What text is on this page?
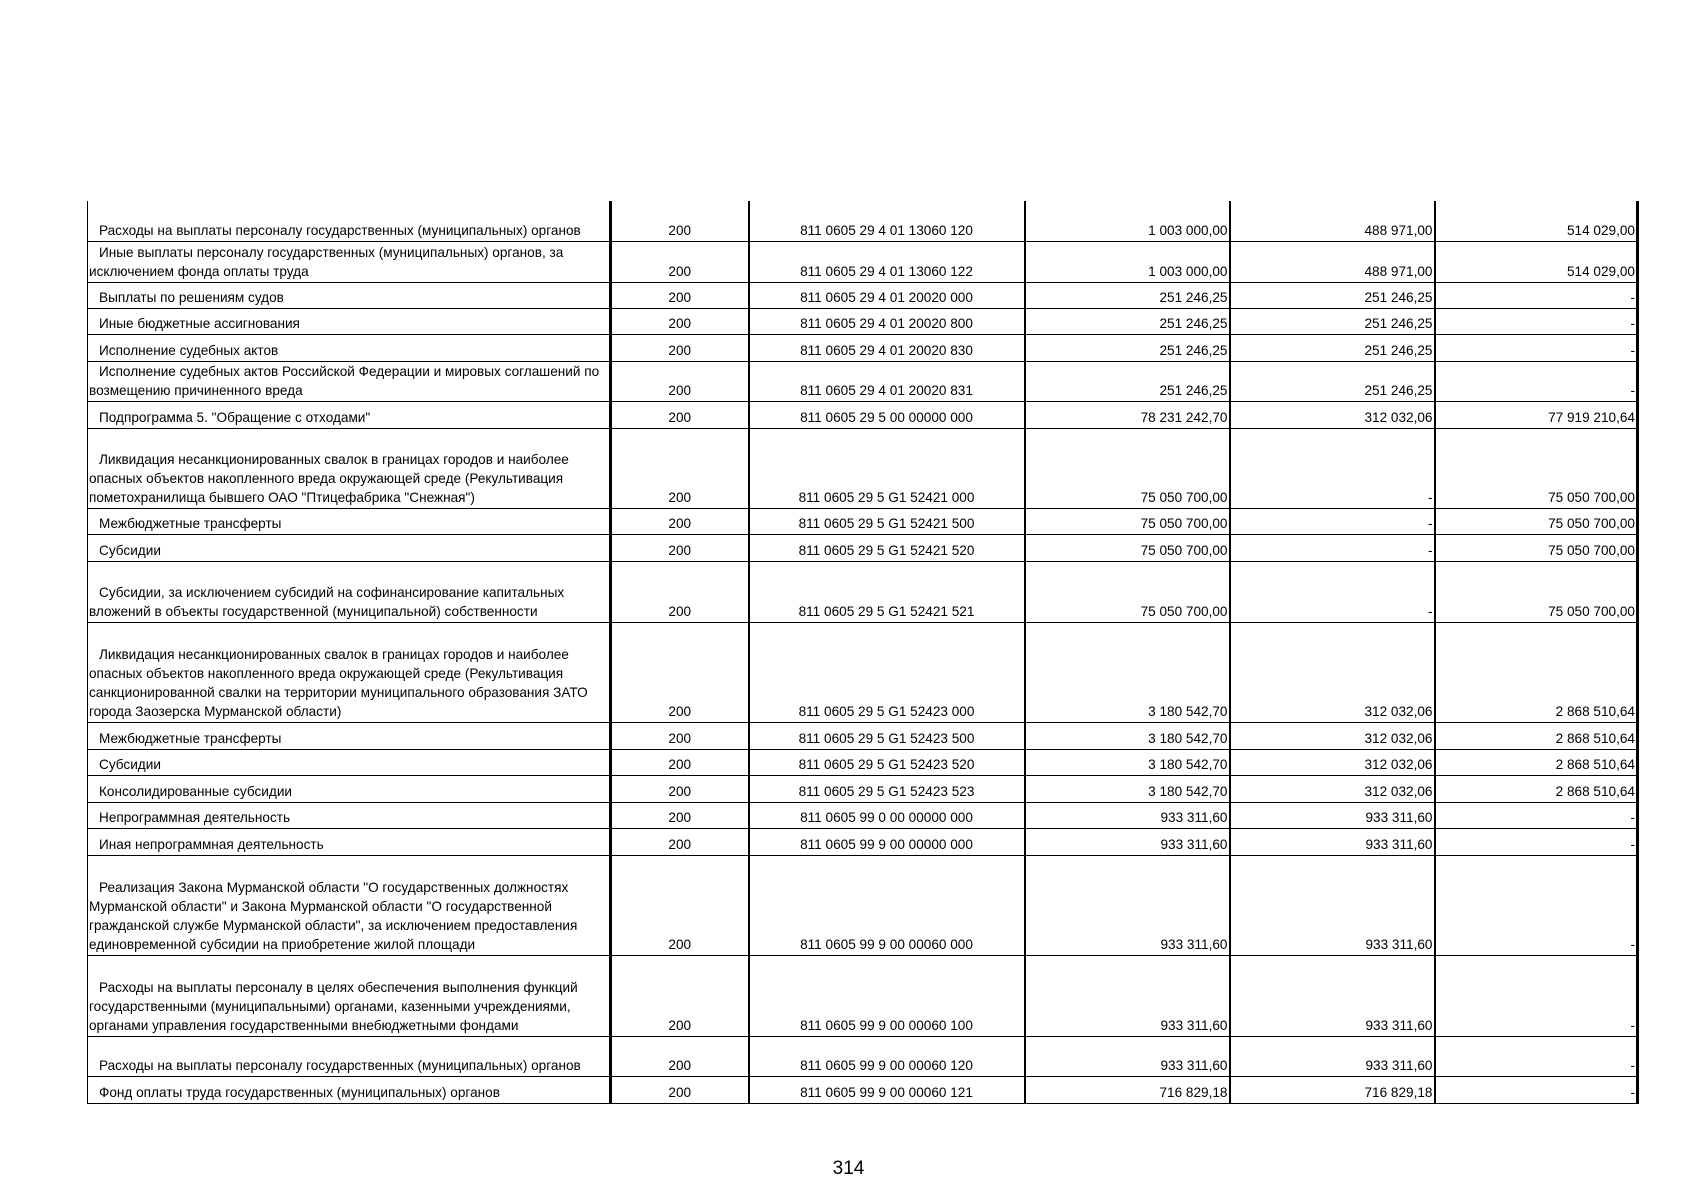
Расходы на выплаты персоналу государственных (муниципальных) органов	200	811 0605 29 4 01 13060 120	1 003 000,00	488 971,00	514 029,00
Иные выплаты персоналу государственных (муниципальных) органов, за исключением фонда оплаты труда	200	811 0605 29 4 01 13060 122	1 003 000,00	488 971,00	514 029,00
Выплаты по решениям судов	200	811 0605 29 4 01 20020 000	251 246,25	251 246,25	-
Иные бюджетные ассигнования	200	811 0605 29 4 01 20020 800	251 246,25	251 246,25	-
Исполнение судебных актов	200	811 0605 29 4 01 20020 830	251 246,25	251 246,25	-
Исполнение судебных актов Российской Федерации и мировых соглашений по возмещению причиненного вреда	200	811 0605 29 4 01 20020 831	251 246,25	251 246,25	-
Подпрограмма 5. "Обращение с отходами"	200	811 0605 29 5 00 00000 000	78 231 242,70	312 032,06	77 919 210,64
Ликвидация несанкционированных свалок в границах городов и наиболее опасных объектов накопленного вреда окружающей среде (Рекультивация пометохранилища бывшего ОАО "Птицефабрика "Снежная")	200	811 0605 29 5 G1 52421 000	75 050 700,00	-	75 050 700,00
Межбюджетные трансферты	200	811 0605 29 5 G1 52421 500	75 050 700,00	-	75 050 700,00
Субсидии	200	811 0605 29 5 G1 52421 520	75 050 700,00	-	75 050 700,00
Субсидии, за исключением субсидий на софинансирование капитальных вложений в объекты государственной (муниципальной) собственности	200	811 0605 29 5 G1 52421 521	75 050 700,00	-	75 050 700,00
Ликвидация несанкционированных свалок в границах городов и наиболее опасных объектов накопленного вреда окружающей среде (Рекультивация санкционированной свалки на территории муниципального образования ЗАТО города Заозерска Мурманской области)	200	811 0605 29 5 G1 52423 000	3 180 542,70	312 032,06	2 868 510,64
Межбюджетные трансферты	200	811 0605 29 5 G1 52423 500	3 180 542,70	312 032,06	2 868 510,64
Субсидии	200	811 0605 29 5 G1 52423 520	3 180 542,70	312 032,06	2 868 510,64
Консолидированные субсидии	200	811 0605 29 5 G1 52423 523	3 180 542,70	312 032,06	2 868 510,64
Непрограммная деятельность	200	811 0605 99 0 00 00000 000	933 311,60	933 311,60	-
Иная непрограммная деятельность	200	811 0605 99 9 00 00000 000	933 311,60	933 311,60	-
Реализация Закона Мурманской области "О государственных должностях Мурманской области" и Закона Мурманской области "О государственной гражданской службе Мурманской области", за исключением предоставления единовременной субсидии на приобретение жилой площади	200	811 0605 99 9 00 00060 000	933 311,60	933 311,60	-
Расходы на выплаты персоналу в целях обеспечения выполнения функций государственными (муниципальными) органами, казенными учреждениями, органами управления государственными внебюджетными фондами	200	811 0605 99 9 00 00060 100	933 311,60	933 311,60	-
Расходы на выплаты персоналу государственных (муниципальных) органов	200	811 0605 99 9 00 00060 120	933 311,60	933 311,60	-
Фонд оплаты труда государственных (муниципальных) органов	200	811 0605 99 9 00 00060 121	716 829,18	716 829,18	-
314
